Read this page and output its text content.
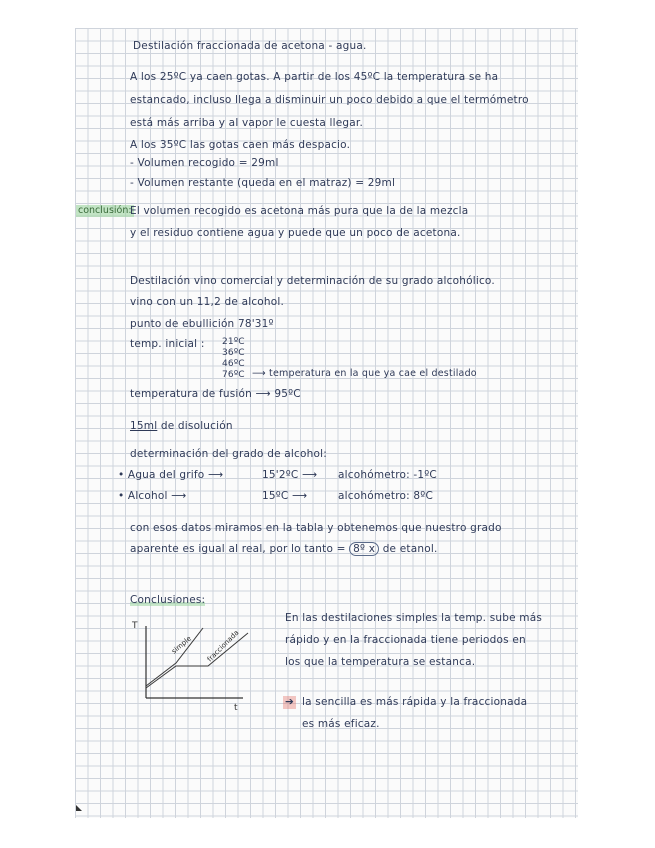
Destilación fraccionada de acetona - agua.

A los 25ºC ya caen gotas. A partir de los 45ºC la temperatura se ha

estancado, incluso llega a disminuir un poco debido a que el termómetro

está más arriba y al vapor le cuesta llegar.

A los 35ºC las gotas caen más despacio.

- Volumen recogido = 29ml

- Volumen restante (queda en el matraz) = 29ml

conclusión:

El volumen recogido es acetona más pura que la de la mezcla

y el residuo contiene agua y puede que un poco de acetona.

Destilación vino comercial y determinación de su grado alcohólico.

vino con un 11,2 de alcohol.

punto de ebullición 78'31º

temp. inicial : 21ºC

36ºC

46ºC

76ºC ⟶ temperatura en la que ya cae el destilado

temperatura de fusión ⟶ 95ºC

15ml de disolución

determinación del grado de alcohol:

• Agua del grifo ⟶	15'2ºC ⟶ alcohómetro: -1ºC

• Alcohol ⟶	15ºC ⟶	alcohómetro: 8ºC

con esos datos miramos en la tabla y obtenemos que nuestro grado

aparente es igual al real, por lo tanto = 8º x de etanol.

Conclusiones:

T
t
simple fraccionada

En las destilaciones simples la temp. sube más

rápido y en la fraccionada tiene periodos en

los que la temperatura se estanca.

➔ la sencilla es más rápida y la fraccionada

es más eficaz.
